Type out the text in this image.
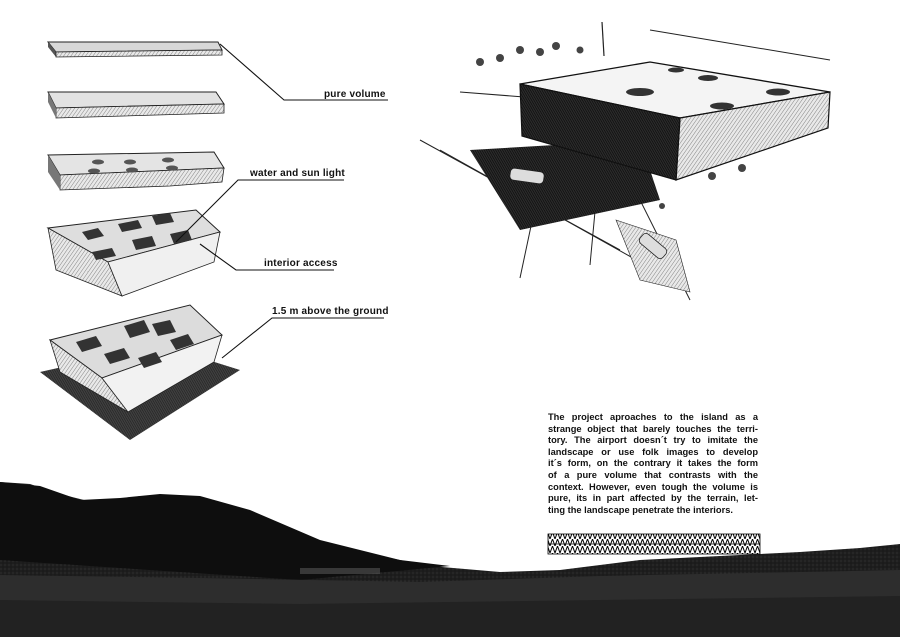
pure volume
water and sun light
interior access
1.5 m above the ground
The project aproaches to the island as a
strange object that barely touches the terri-
tory. The airport doesn´t try to imitate the
landscape or use folk images to develop
it´s form, on the contrary it takes the form
of a pure volume that contrasts with the
context. However, even tough the volume is
pure, its in part affected by the terrain, let-
ting the landscape penetrate the interiors.
